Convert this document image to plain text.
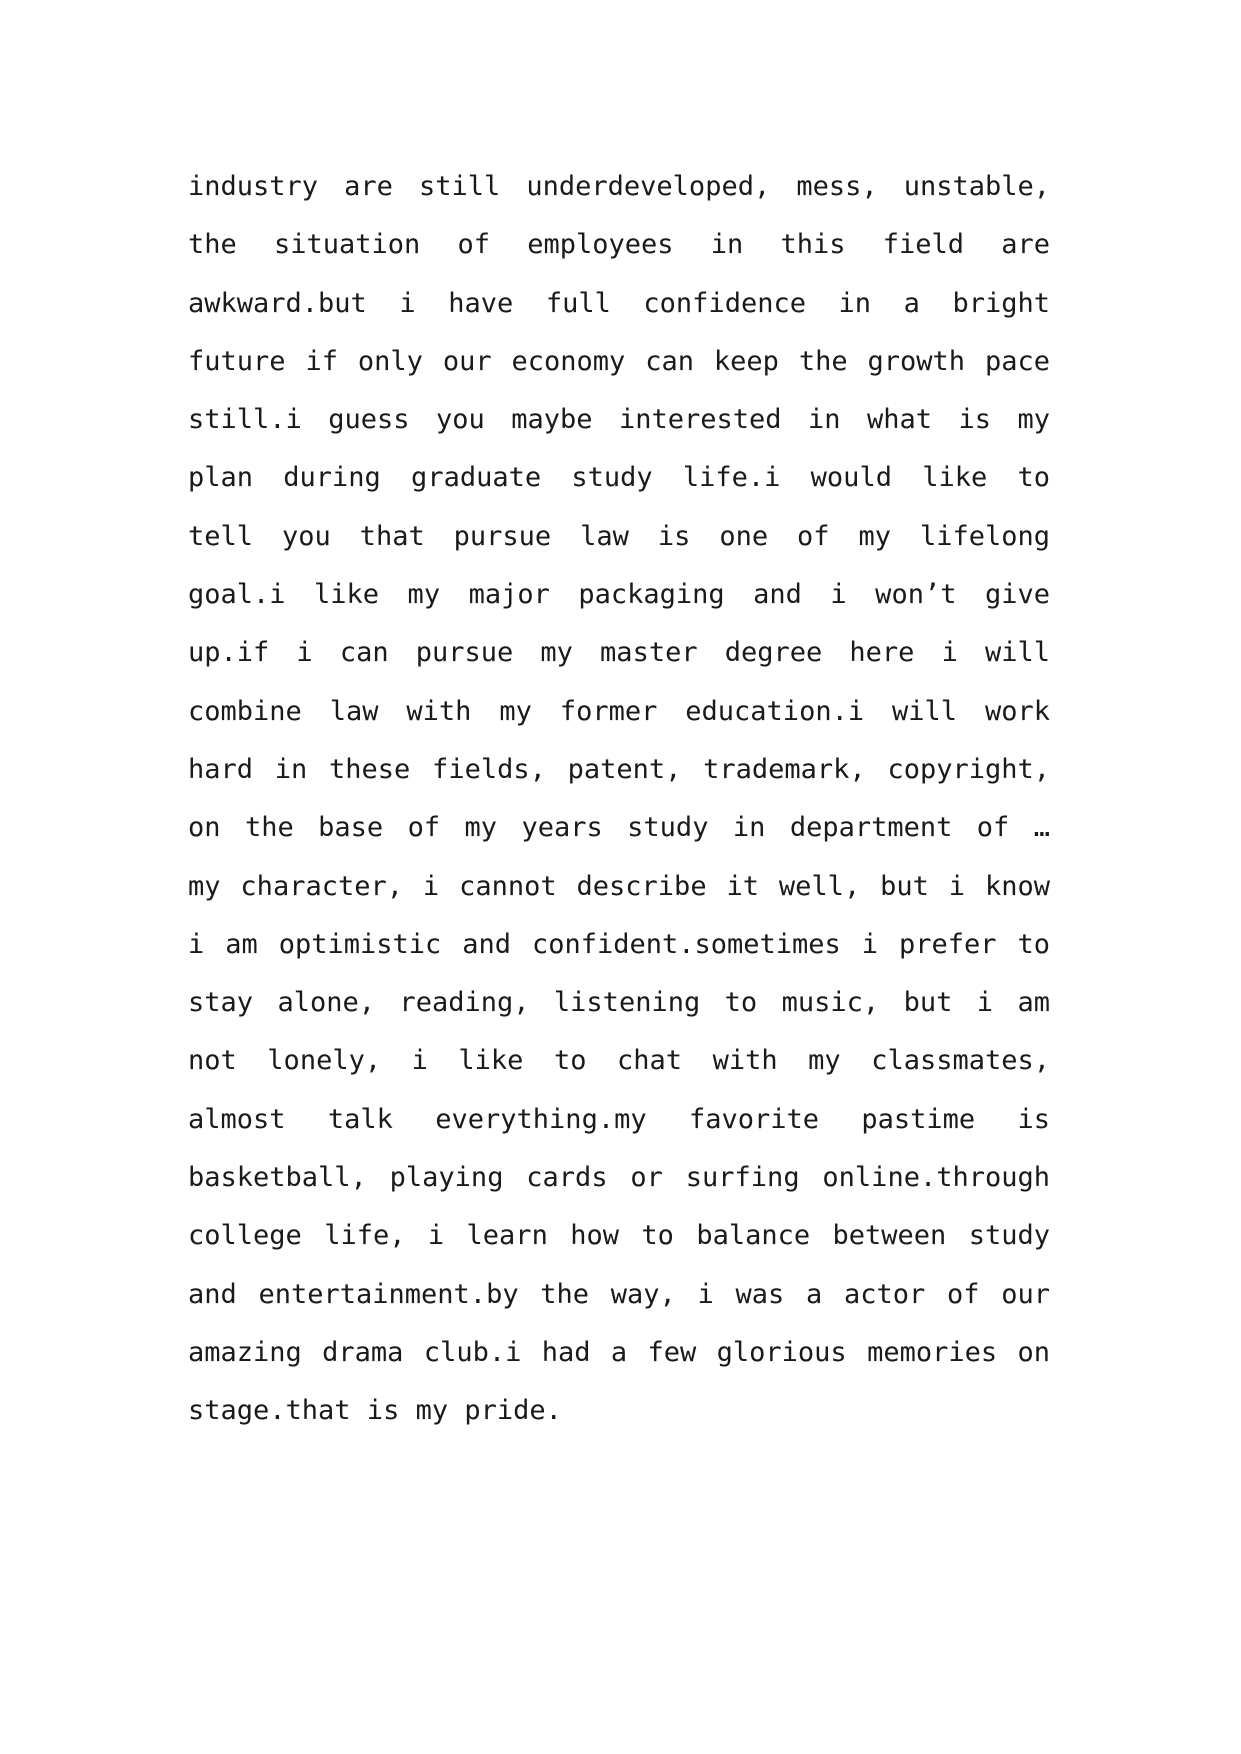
industry are still underdeveloped, mess, unstable,
the situation of employees in this field are
awkward.but i have full confidence in a bright
future if only our economy can keep the growth pace
still.i guess you maybe interested in what is my
plan during graduate study life.i would like to
tell you that pursue law is one of my lifelong
goal.i like my major packaging and i won’t give
up.if i can pursue my master degree here i will
combine law with my former education.i will work
hard in these fields, patent, trademark, copyright,
on the base of my years study in department of …
my character, i cannot describe it well, but i know
i am optimistic and confident.sometimes i prefer to
stay alone, reading, listening to music, but i am
not lonely, i like to chat with my classmates,
almost talk everything.my favorite pastime is
basketball, playing cards or surfing online.through
college life, i learn how to balance between study
and entertainment.by the way, i was a actor of our
amazing drama club.i had a few glorious memories on
stage.that is my pride.
